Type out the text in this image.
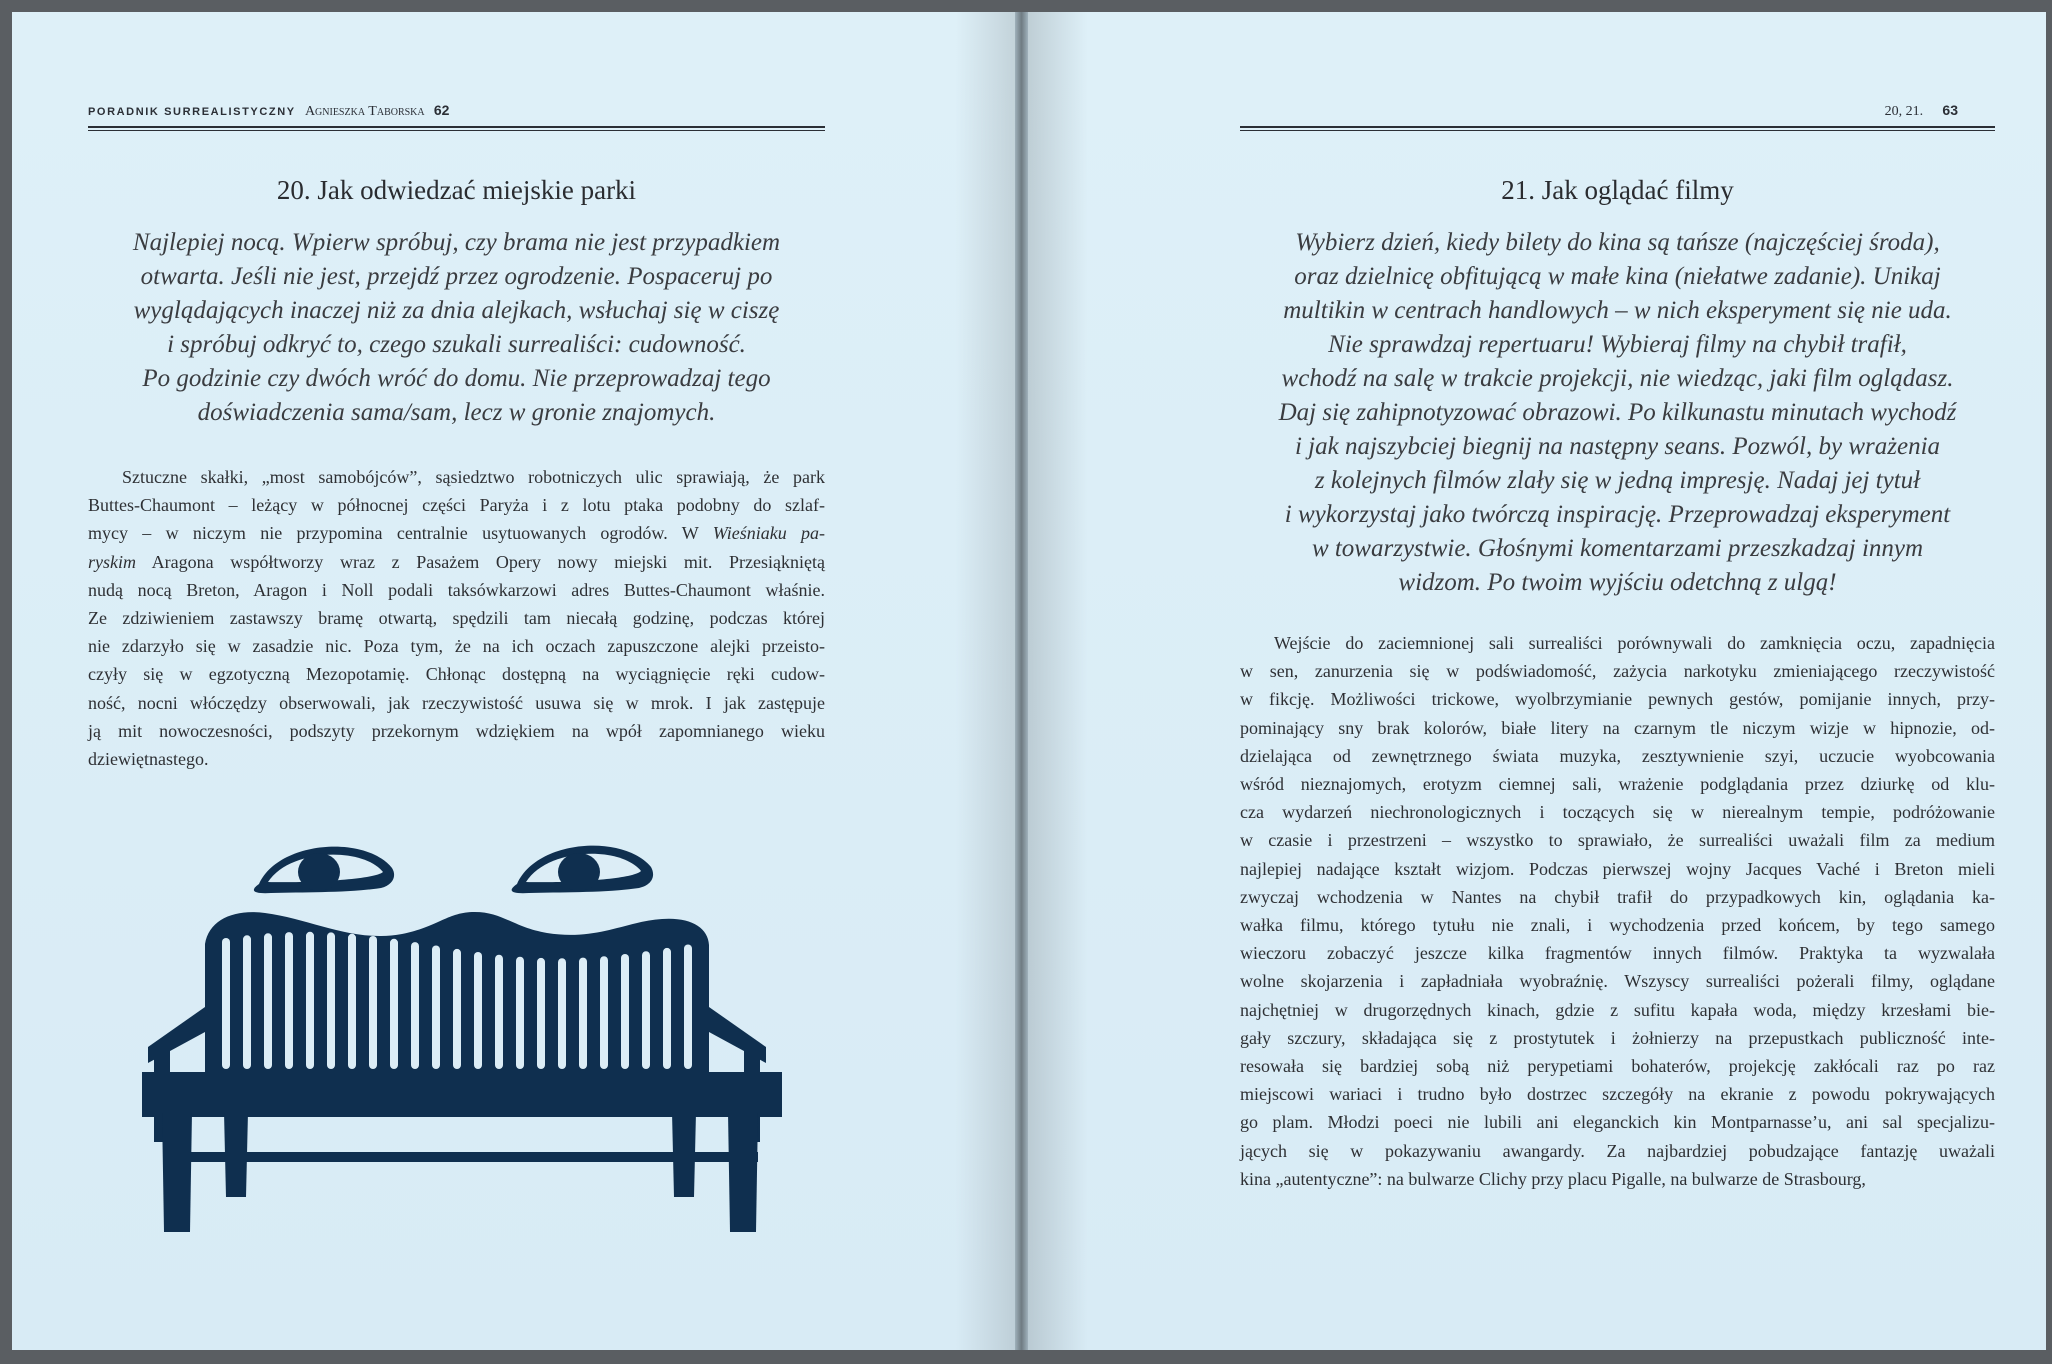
PORADNIK SURREALISTYCZNY Agnieszka Taborska 62
20. Jak odwiedzać miejskie parki
Najlepiej nocą. Wpierw spróbuj, czy brama nie jest przypadkiem
otwarta. Jeśli nie jest, przejdź przez ogrodzenie. Pospaceruj po
wyglądających inaczej niż za dnia alejkach, wsłuchaj się w ciszę
i spróbuj odkryć to, czego szukali surrealiści: cudowność.
Po godzinie czy dwóch wróć do domu. Nie przeprowadzaj tego
doświadczenia sama/sam, lecz w gronie znajomych.
Sztuczne skałki, „most samobójców”, sąsiedztwo robotniczych ulic sprawiają, że park
Buttes-Chaumont – leżący w północnej części Paryża i z lotu ptaka podobny do szlaf-
mycy – w niczym nie przypomina centralnie usytuowanych ogrodów. W Wieśniaku pa-
ryskim Aragona współtworzy wraz z Pasażem Opery nowy miejski mit. Przesiąkniętą
nudą nocą Breton, Aragon i Noll podali taksówkarzowi adres Buttes-Chaumont właśnie.
Ze zdziwieniem zastawszy bramę otwartą, spędzili tam niecałą godzinę, podczas której
nie zdarzyło się w zasadzie nic. Poza tym, że na ich oczach zapuszczone alejki przeisto-
czyły się w egzotyczną Mezopotamię. Chłonąc dostępną na wyciągnięcie ręki cudow-
ność, nocni włóczędzy obserwowali, jak rzeczywistość usuwa się w mrok. I jak zastępuje
ją mit nowoczesności, podszyty przekornym wdziękiem na wpół zapomnianego wieku
dziewiętnastego.
20, 21. 63
21. Jak oglądać filmy
Wybierz dzień, kiedy bilety do kina są tańsze (najczęściej środa),
oraz dzielnicę obfitującą w małe kina (niełatwe zadanie). Unikaj
multikin w centrach handlowych – w nich eksperyment się nie uda.
Nie sprawdzaj repertuaru! Wybieraj filmy na chybił trafił,
wchodź na salę w trakcie projekcji, nie wiedząc, jaki film oglądasz.
Daj się zahipnotyzować obrazowi. Po kilkunastu minutach wychodź
i jak najszybciej biegnij na następny seans. Pozwól, by wrażenia
z kolejnych filmów zlały się w jedną impresję. Nadaj jej tytuł
i wykorzystaj jako twórczą inspirację. Przeprowadzaj eksperyment
w towarzystwie. Głośnymi komentarzami przeszkadzaj innym
widzom. Po twoim wyjściu odetchną z ulgą!
Wejście do zaciemnionej sali surrealiści porównywali do zamknięcia oczu, zapadnięcia
w sen, zanurzenia się w podświadomość, zażycia narkotyku zmieniającego rzeczywistość
w fikcję. Możliwości trickowe, wyolbrzymianie pewnych gestów, pomijanie innych, przy-
pominający sny brak kolorów, białe litery na czarnym tle niczym wizje w hipnozie, od-
dzielająca od zewnętrznego świata muzyka, zesztywnienie szyi, uczucie wyobcowania
wśród nieznajomych, erotyzm ciemnej sali, wrażenie podglądania przez dziurkę od klu-
cza wydarzeń niechronologicznych i toczących się w nierealnym tempie, podróżowanie
w czasie i przestrzeni – wszystko to sprawiało, że surrealiści uważali film za medium
najlepiej nadające kształt wizjom. Podczas pierwszej wojny Jacques Vaché i Breton mieli
zwyczaj wchodzenia w Nantes na chybił trafił do przypadkowych kin, oglądania ka-
wałka filmu, którego tytułu nie znali, i wychodzenia przed końcem, by tego samego
wieczoru zobaczyć jeszcze kilka fragmentów innych filmów. Praktyka ta wyzwalała
wolne skojarzenia i zapładniała wyobraźnię. Wszyscy surrealiści pożerali filmy, oglądane
najchętniej w drugorzędnych kinach, gdzie z sufitu kapała woda, między krzesłami bie-
gały szczury, składająca się z prostytutek i żołnierzy na przepustkach publiczność inte-
resowała się bardziej sobą niż perypetiami bohaterów, projekcję zakłócali raz po raz
miejscowi wariaci i trudno było dostrzec szczegóły na ekranie z powodu pokrywających
go plam. Młodzi poeci nie lubili ani eleganckich kin Montparnasse’u, ani sal specjalizu-
jących się w pokazywaniu awangardy. Za najbardziej pobudzające fantazję uważali
kina „autentyczne”: na bulwarze Clichy przy placu Pigalle, na bulwarze de Strasbourg,
